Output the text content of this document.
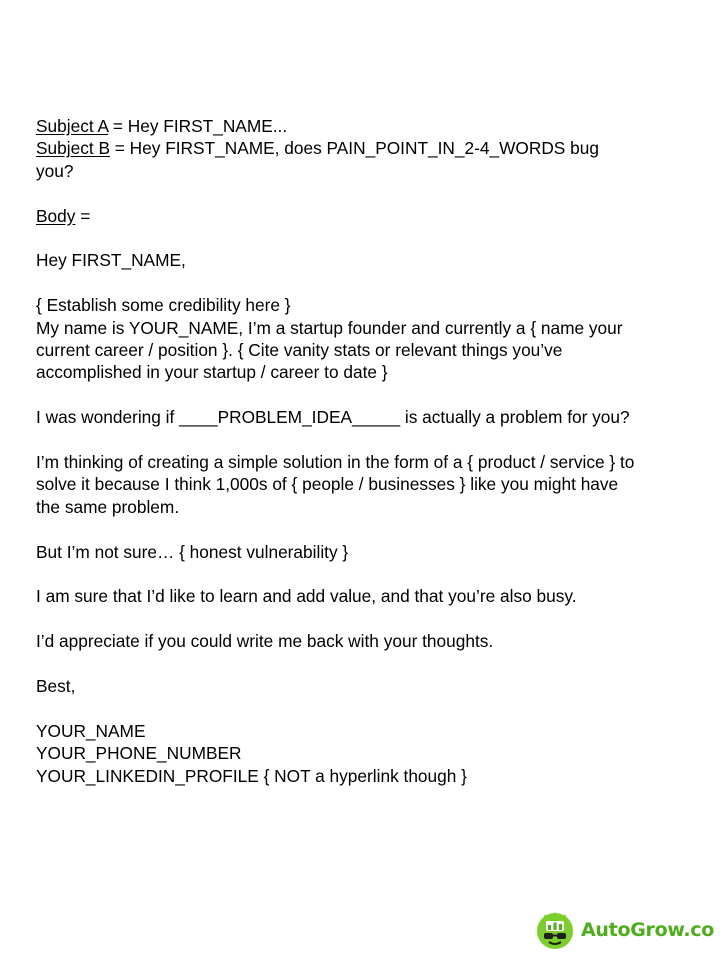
Subject A = Hey FIRST_NAME...
Subject B = Hey FIRST_NAME, does PAIN_POINT_IN_2-4_WORDS bug
you?
Body =
Hey FIRST_NAME,
{ Establish some credibility here }
My name is YOUR_NAME, I’m a startup founder and currently a { name your
current career / position }. { Cite vanity stats or relevant things you’ve
accomplished in your startup / career to date }
I was wondering if ____PROBLEM_IDEA_____ is actually a problem for you?
I’m thinking of creating a simple solution in the form of a { product / service } to
solve it because I think 1,000s of { people / businesses } like you might have
the same problem.
But I’m not sure… { honest vulnerability }
I am sure that I’d like to learn and add value, and that you’re also busy.
I’d appreciate if you could write me back with your thoughts.
Best,
YOUR_NAME
YOUR_PHONE_NUMBER
YOUR_LINKEDIN_PROFILE { NOT a hyperlink though }
AutoGrow.co
